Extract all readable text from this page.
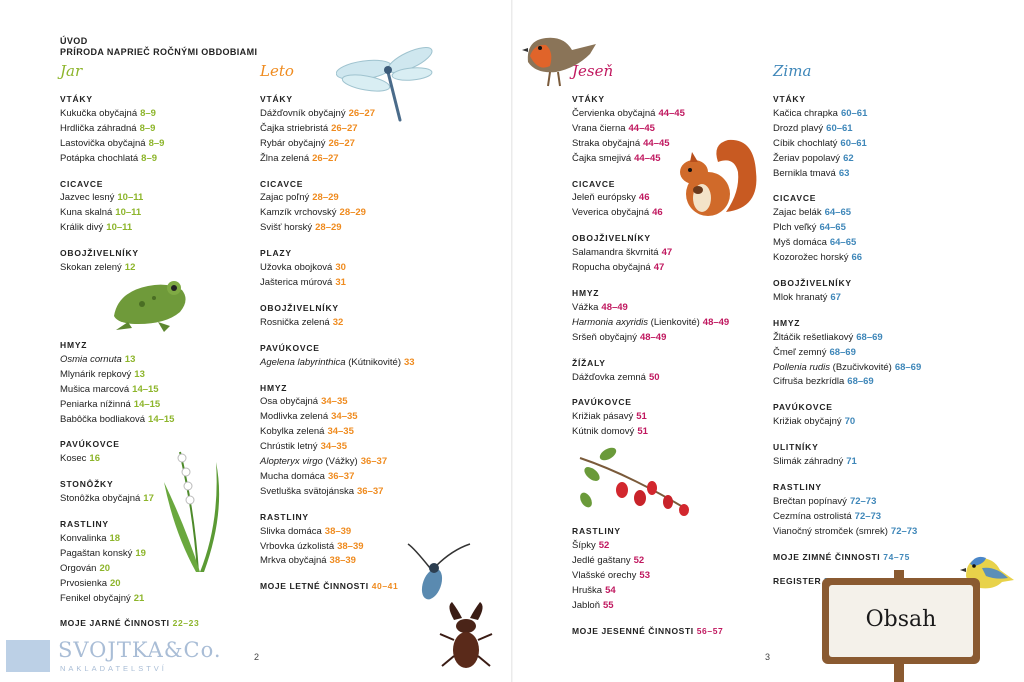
ÚVOD
PRÍRODA NAPRIEČ ROČNÝMI OBDOBIAMI
Jar
VTÁKY
Kukučka obyčajná 8–9
Hrdlička záhradná 8–9
Lastovička obyčajná 8–9
Potápka chochlatá 8–9
CICAVCE
Jazvec lesný 10–11
Kuna skalná 10–11
Králik divý 10–11
OBOJŽIVELNÍKY
Skokan zelený 12
HMYZ
Osmia cornuta 13
Mlynárik repkový 13
Mušica marcová 14–15
Peniarka nížinná 14–15
Babôčka bodliaková 14–15
PAVÚKOVCE
Kosec 16
STONÔŽKY
Stonôžka obyčajná 17
RASTLINY
Konvalinka 18
Pagaštan konský 19
Orgován 20
Prvosienka 20
Fenikel obyčajný 21
MOJE JARNÉ ČINNOSTI 22–23
Leto
VTÁKY
Dážďovník obyčajný 26–27
Čajka striebristá 26–27
Rybár obyčajný 26–27
Žlna zelená 26–27
CICAVCE
Zajac poľný 28–29
Kamzík vrchovský 28–29
Svišť horský 28–29
PLAZY
Užovka obojková 30
Jašterica múrová 31
OBOJŽIVELNÍKY
Rosnička zelená 32
PAVÚKOVCE
Agelena labyrinthica (Kútnikovité) 33
HMYZ
Osa obyčajná 34–35
Modlivka zelená 34–35
Kobylka zelená 34–35
Chrústik letný 34–35
Alopteryx virgo (Vážky) 36–37
Mucha domáca 36–37
Svetluška svätojánska 36–37
RASTLINY
Slivka domáca 38–39
Vrbovka úzkolistá 38–39
Mrkva obyčajná 38–39
MOJE LETNÉ ČINNOSTI 40–41
Jeseň
VTÁKY
Červienka obyčajná 44–45
Vrana čierna 44–45
Straka obyčajná 44–45
Čajka smejivá 44–45
CICAVCE
Jeleň európsky 46
Veverica obyčajná 46
OBOJŽIVELNÍKY
Salamandra škvrnitá 47
Ropucha obyčajná 47
HMYZ
Vážka 48–49
Harmonia axyridis (Lienkovité) 48–49
Sršeň obyčajný 48–49
ŽÍŽALY
Dážďovka zemná 50
PAVÚKOVCE
Križiak pásavý 51
Kútnik domový 51
RASTLINY
Šípky 52
Jedlé gaštany 52
Vlašské orechy 53
Hruška 54
Jabloň 55
MOJE JESENNÉ ČINNOSTI 56–57
Zima
VTÁKY
Kačica chrapka 60–61
Drozd plavý 60–61
Cíbik chochlatý 60–61
Žeriav popolavý 62
Bernikla tmavá 63
CICAVCE
Zajac belák 64–65
Plch veľký 64–65
Myš domáca 64–65
Kozorožec horský 66
OBOJŽIVELNÍKY
Mlok hranatý 67
HMYZ
Žltáčik rešetliakový 68–69
Čmeľ zemný 68–69
Pollenia rudis (Bzučivkovité) 68–69
Cifruša bezkrídla 68–69
PAVÚKOVCE
Križiak obyčajný 70
ULITNÍKY
Slimák záhradný 71
RASTLINY
Brečtan popínavý 72–73
Cezmína ostrolistá 72–73
Vianočný stromček (smrek) 72–73
MOJE ZIMNÉ ČINNOSTI 74–75
REGISTER
2	3
Obsah
SVOJTKA&Co.
NAKLADATELSTVÍ
